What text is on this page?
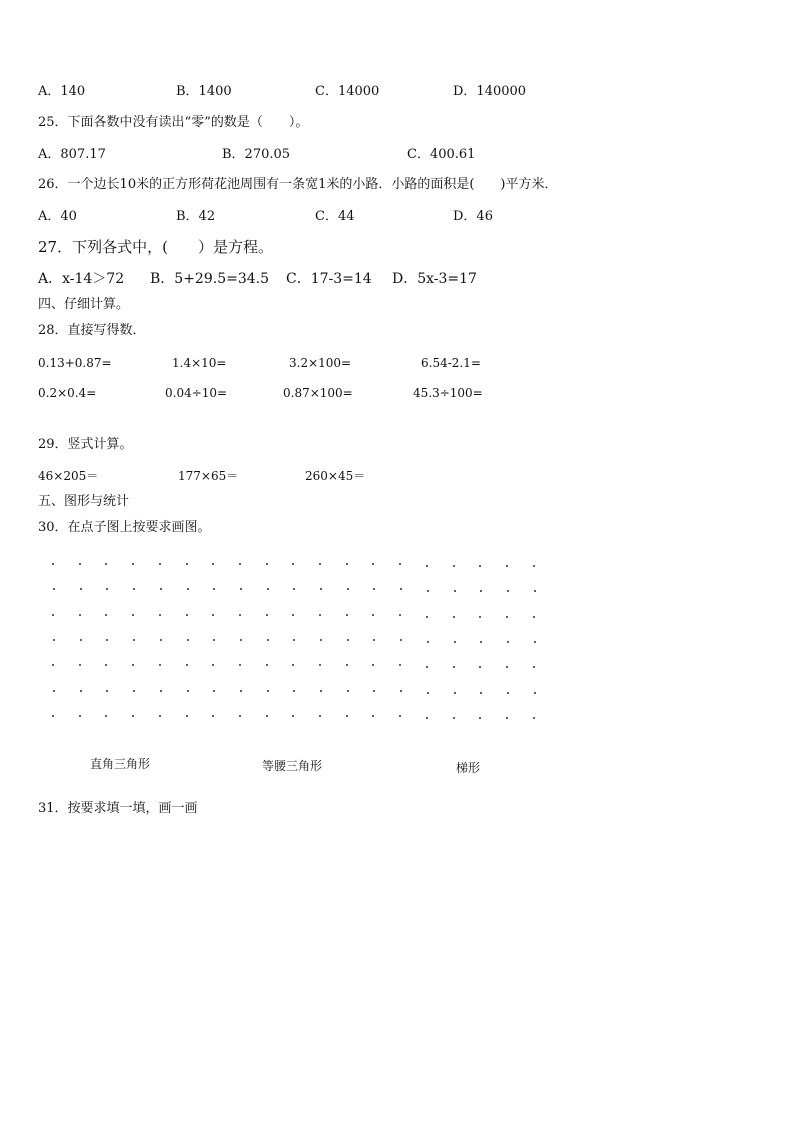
A．140	B．1400	C．14000	D．140000
25．下面各数中没有读出“零”的数是（　　）。
A．807.17	B．270.05	C．400.61
26．一个边长10米的正方形荷花池周围有一条宽1米的小路．小路的面积是(　　)平方米．
A．40	B．42	C．44	D．46
27．下列各式中，(　　）是方程。
A．x-14＞72 B．5+29.5=34.5 C．17-3=14 D．5x-3=17
四、仔细计算。
28．直接写得数．
0.13+0.87=	1.4×10=	3.2×100=	6.54-2.1=
0.2×0.4=	0.04÷10=	0.87×100=	45.3÷100=
29．竖式计算。
46×205＝	177×65＝	260×45＝
五、图形与统计
30．在点子图上按要求画图。
直角三角形	等腰三角形	梯形
31．按要求填一填，画一画
